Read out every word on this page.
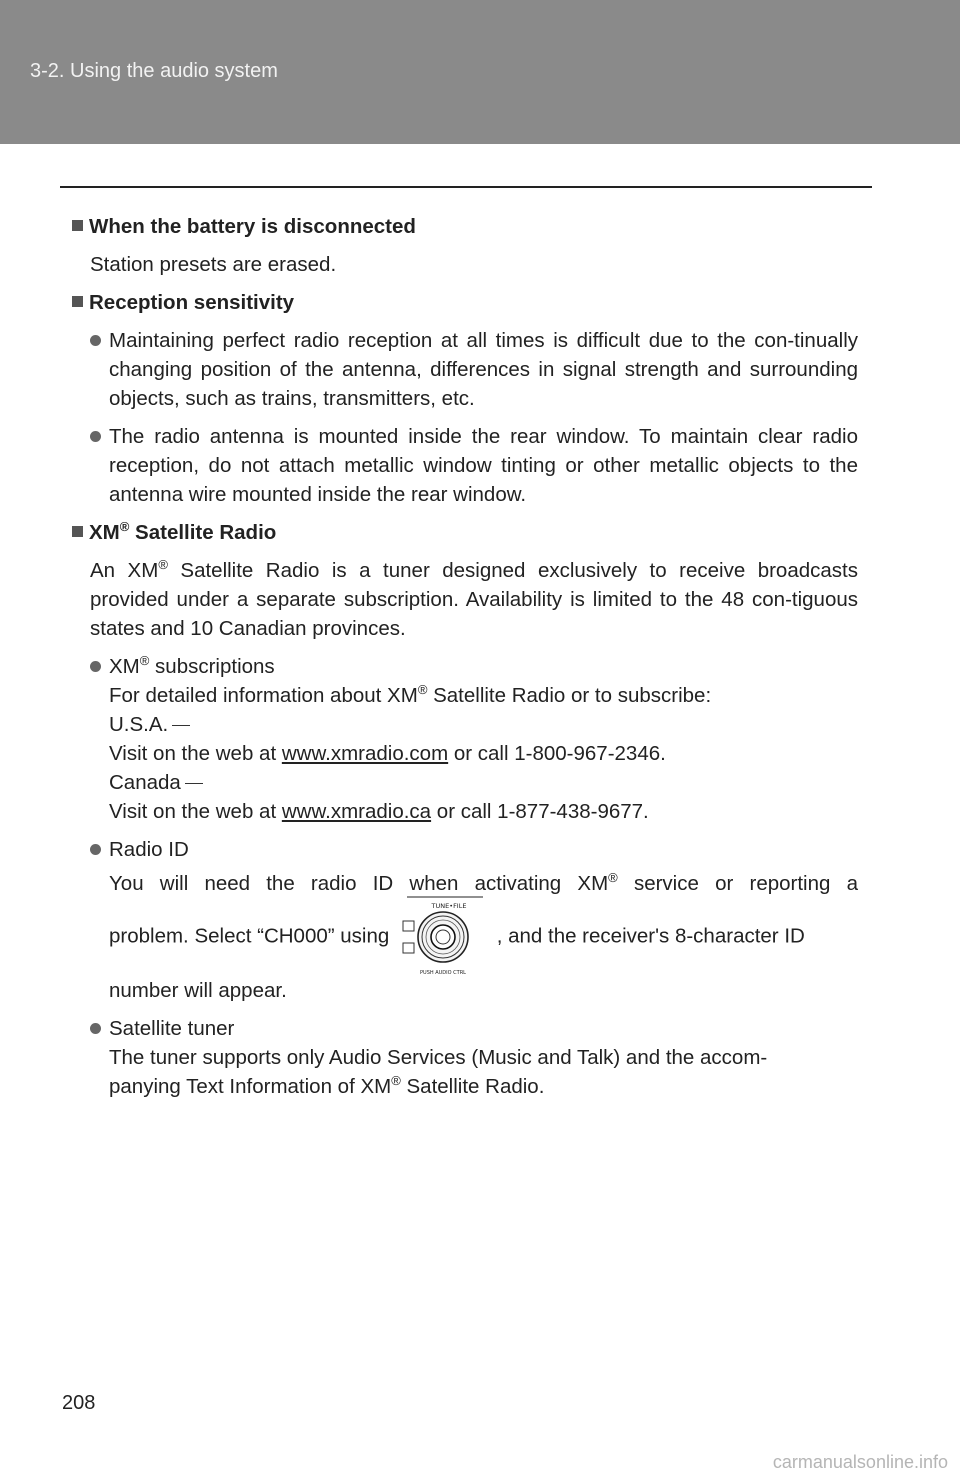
3-2. Using the audio system
When the battery is disconnected
Station presets are erased.
Reception sensitivity
Maintaining perfect radio reception at all times is difficult due to the con-tinually changing position of the antenna, differences in signal strength and surrounding objects, such as trains, transmitters, etc.
The radio antenna is mounted inside the rear window. To maintain clear radio reception, do not attach metallic window tinting or other metallic objects to the antenna wire mounted inside the rear window.
XM® Satellite Radio
An XM® Satellite Radio is a tuner designed exclusively to receive broadcasts provided under a separate subscription. Availability is limited to the 48 con-tiguous states and 10 Canadian provinces.
XM® subscriptions
For detailed information about XM® Satellite Radio or to subscribe:
U.S.A.
Visit on the web at www.xmradio.com or call 1-800-967-2346.
Canada
Visit on the web at www.xmradio.ca or call 1-877-438-9677.
Radio ID
You will need the radio ID when activating XM® service or reporting a
problem. Select “CH000” using
TUNE•FILE
PUSH AUDIO CTRL
, and the receiver's 8-character ID
number will appear.
Satellite tuner
The tuner supports only Audio Services (Music and Talk) and the accom-
panying Text Information of XM® Satellite Radio.
208
carmanualsonline.info
